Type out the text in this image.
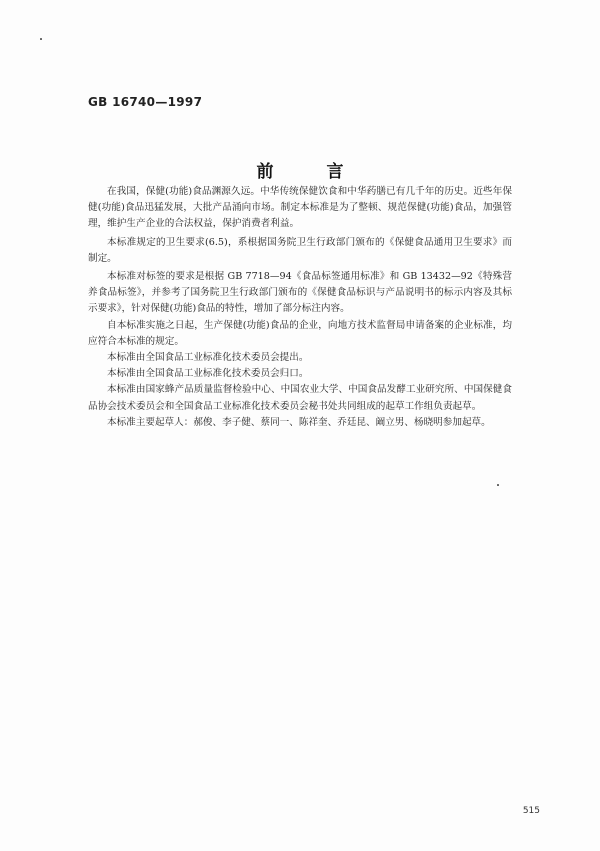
GB 16740—1997
前　言

在我国，保健(功能)食品渊源久远。中华传统保健饮食和中华药膳已有几千年的历史。近些年保健(功能)食品迅猛发展，大批产品涌向市场。制定本标准是为了整顿、规范保健(功能)食品，加强管理，维护生产企业的合法权益，保护消费者利益。

本标准规定的卫生要求(6.5)，系根据国务院卫生行政部门颁布的《保健食品通用卫生要求》而制定。

本标准对标签的要求是根据 GB 7718—94《食品标签通用标准》和 GB 13432—92《特殊营养食品标签》，并参考了国务院卫生行政部门颁布的《保健食品标识与产品说明书的标示内容及其标示要求》，针对保健(功能)食品的特性，增加了部分标注内容。

自本标准实施之日起，生产保健(功能)食品的企业，向地方技术监督局申请备案的企业标准，均应符合本标准的规定。

本标准由全国食品工业标准化技术委员会提出。

本标准由全国食品工业标准化技术委员会归口。

本标准由国家蜂产品质量监督检验中心、中国农业大学、中国食品发酵工业研究所、中国保健食品协会技术委员会和全国食品工业标准化技术委员会秘书处共同组成的起草工作组负责起草。

本标准主要起草人：郝俊、李子健、蔡同一、陈祥奎、乔廷昆、阚立男、杨晓明参加起草。

515
